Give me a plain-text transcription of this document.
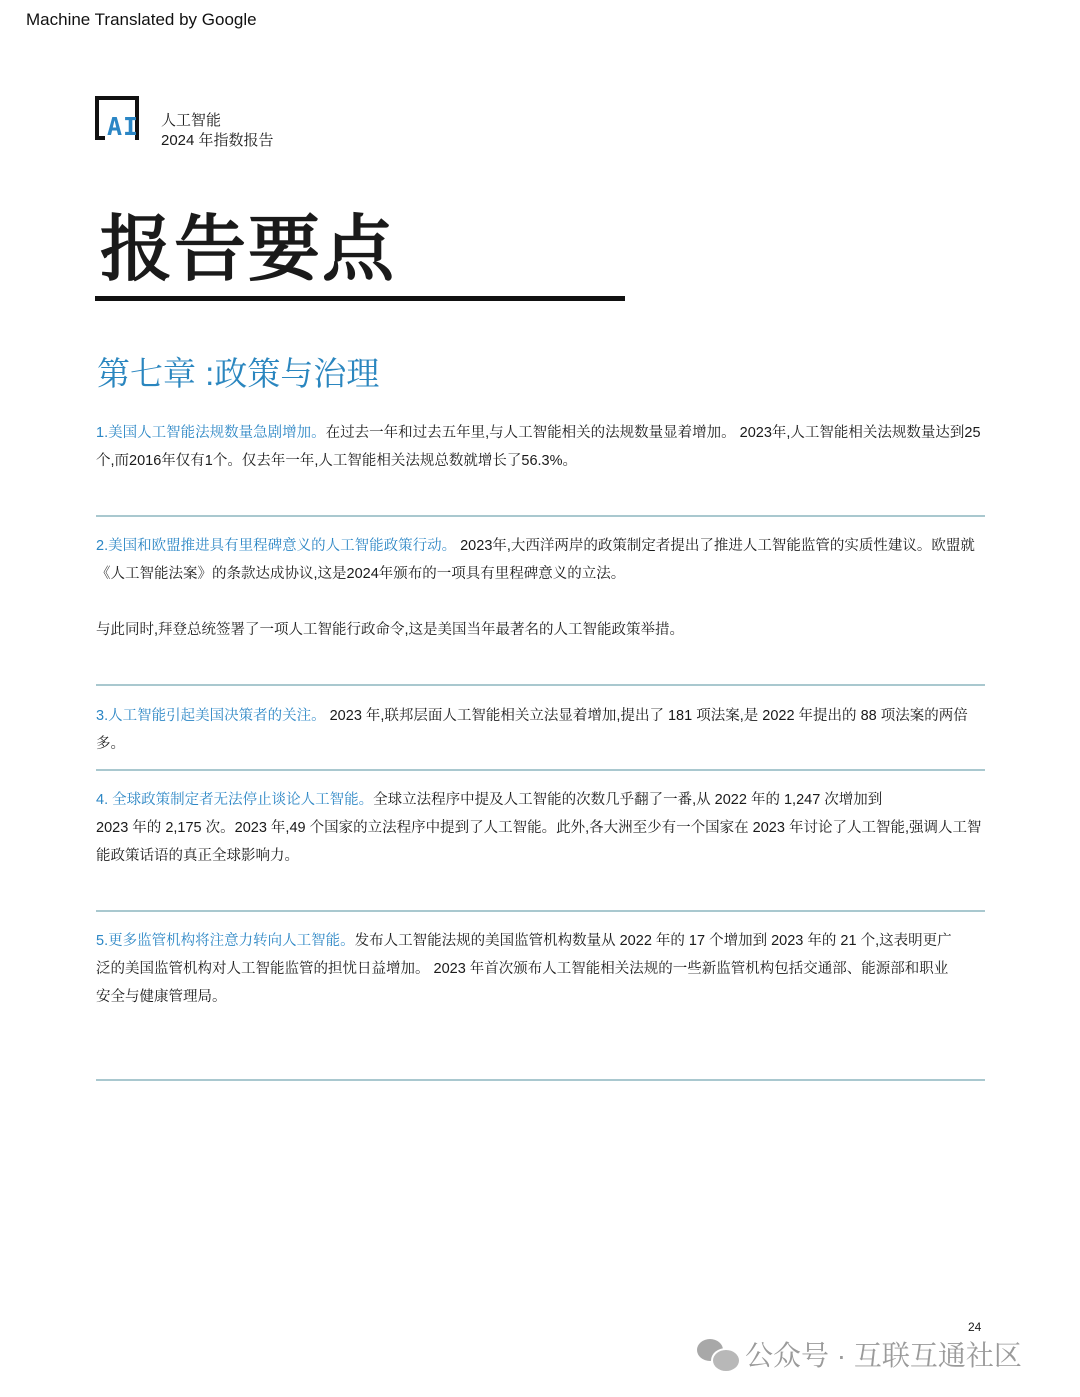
Machine Translated by Google
AI 人工智能
2024 年指数报告
报告要点
第七章 :政策与治理
1.美国人工智能法规数量急剧增加。在过去一年和过去五年里,与人工智能相关的法规数量显着增加。 2023年,人工智能相关法规数量达到25个,而2016年仅有1个。仅去年一年,人工智能相关法规总数就增长了56.3%。
2.美国和欧盟推进具有里程碑意义的人工智能政策行动。 2023年,大西洋两岸的政策制定者提出了推进人工智能监管的实质性建议。欧盟就《人工智能法案》的条款达成协议,这是2024年颁布的一项具有里程碑意义的立法。
与此同时,拜登总统签署了一项人工智能行政命令,这是美国当年最著名的人工智能政策举措。
3.人工智能引起美国决策者的关注。 2023 年,联邦层面人工智能相关立法显着增加,提出了 181 项法案,是 2022 年提出的 88 项法案的两倍多。
4. 全球政策制定者无法停止谈论人工智能。全球立法程序中提及人工智能的次数几乎翻了一番,从 2022 年的 1,247 次增加到
2023 年的 2,175 次。2023 年,49 个国家的立法程序中提到了人工智能。此外,各大洲至少有一个国家在 2023 年讨论了人工智能,强调人工智能政策话语的真正全球影响力。
5.更多监管机构将注意力转向人工智能。发布人工智能法规的美国监管机构数量从 2022 年的 17 个增加到 2023 年的 21 个,这表明更广泛的美国监管机构对人工智能监管的担忧日益增加。 2023 年首次颁布人工智能相关法规的一些新监管机构包括交通部、能源部和职业
安全与健康管理局。
24
公众号 · 互联互通社区
